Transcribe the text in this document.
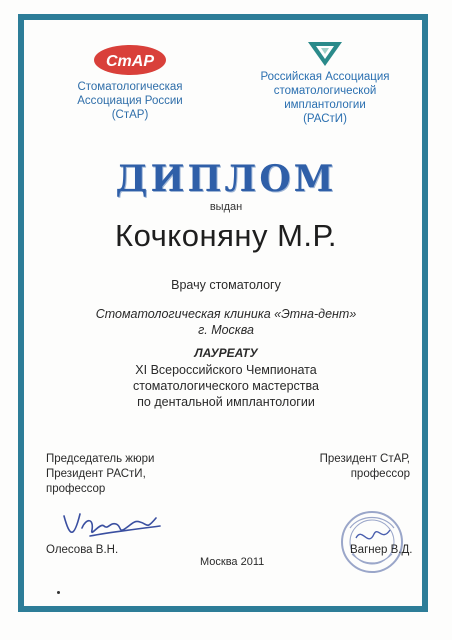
СтАР
Стоматологическая
Ассоциация России
(СтАР)
Российская Ассоциация
стоматологической
имплантологии
(РАСтИ)
ДИПЛОМ
выдан
Кочконяну М.Р.
Врачу стоматологу
Стоматологическая клиника «Этна-дент»
г. Москва
ЛАУРЕАТУ
XI Всероссийского Чемпионата
стоматологического мастерства
по дентальной имплантологии
Председатель жюри
Президент РАСтИ,
профессор
Президент СтАР,
профессор
Олесова В.Н.	Вагнер В.Д.
Москва 2011
